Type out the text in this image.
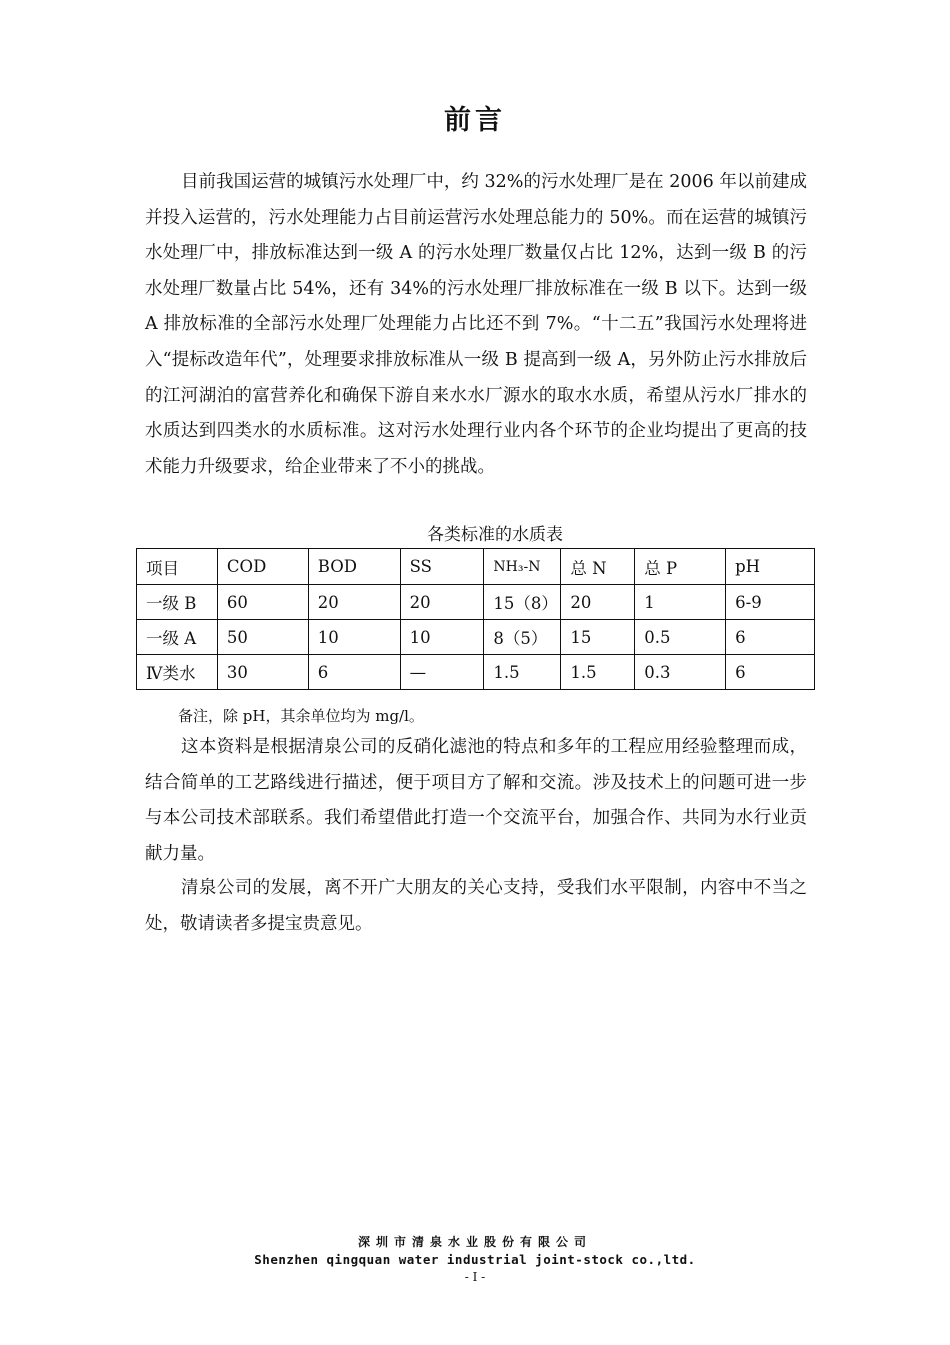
前言

目前我国运营的城镇污水处理厂中，约 32%的污水处理厂是在 2006 年以前建成并投入运营的，污水处理能力占目前运营污水处理总能力的 50%。而在运营的城镇污水处理厂中，排放标准达到一级 A 的污水处理厂数量仅占比 12%，达到一级 B 的污水处理厂数量占比 54%，还有 34%的污水处理厂排放标准在一级 B 以下。达到一级 A 排放标准的全部污水处理厂处理能力占比还不到 7%。“十二五”我国污水处理将进入“提标改造年代”，处理要求排放标准从一级 B 提高到一级 A，另外防止污水排放后的江河湖泊的富营养化和确保下游自来水水厂源水的取水水质，希望从污水厂排水的水质达到四类水的水质标准。这对污水处理行业内各个环节的企业均提出了更高的技术能力升级要求，给企业带来了不小的挑战。

各类标准的水质表
项目	COD	BOD	SS	NH₃-N	总 N	总 P	pH
一级 B	60	20	20	15（8）	20	1	6-9
一级 A	50	10	10	8（5）	15	0.5	6
Ⅳ类水	30	6	—	1.5	1.5	0.3	6
备注，除 pH，其余单位均为 mg/l。

这本资料是根据清泉公司的反硝化滤池的特点和多年的工程应用经验整理而成，结合简单的工艺路线进行描述，便于项目方了解和交流。涉及技术上的问题可进一步与本公司技术部联系。我们希望借此打造一个交流平台，加强合作、共同为水行业贡献力量。

清泉公司的发展，离不开广大朋友的关心支持，受我们水平限制，内容中不当之处，敬请读者多提宝贵意见。

深圳市清泉水业股份有限公司
Shenzhen qingquan water industrial joint-stock co.,ltd.
- I -
